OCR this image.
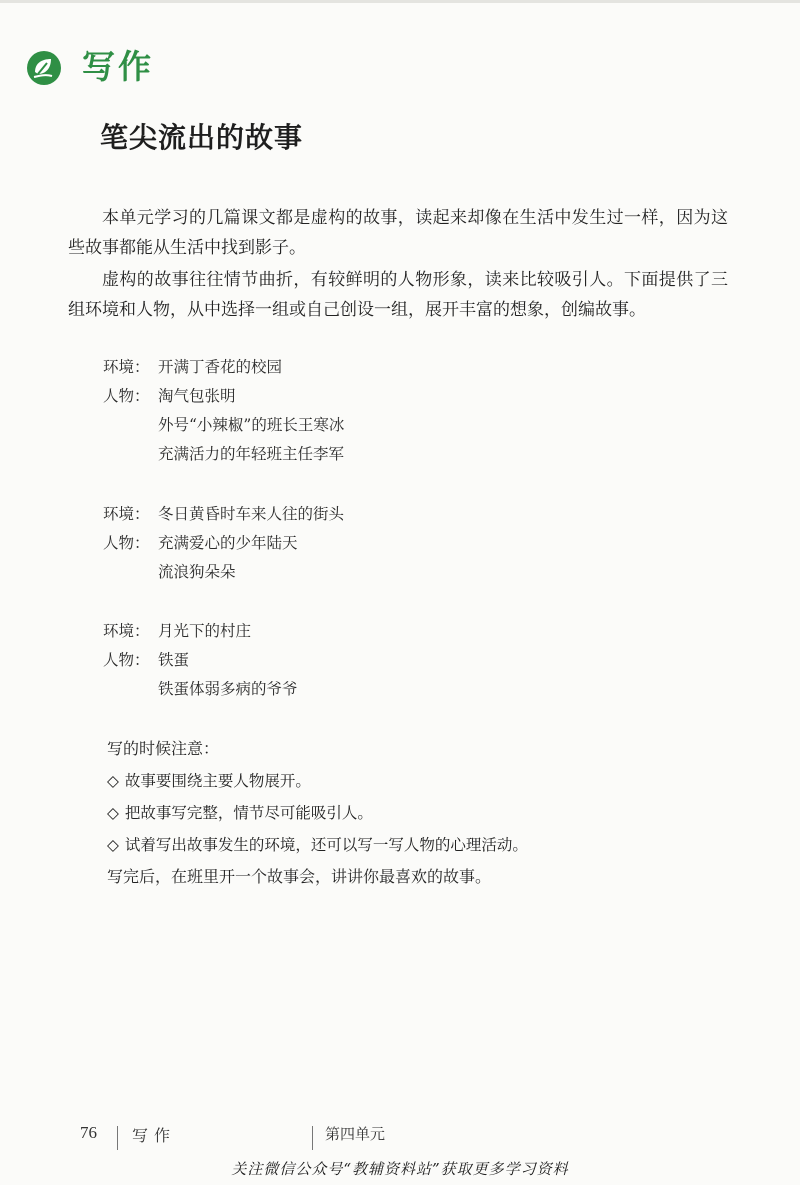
写作
笔尖流出的故事

本单元学习的几篇课文都是虚构的故事，读起来却像在生活中发生过一样，因为这些故事都能从生活中找到影子。

虚构的故事往往情节曲折，有较鲜明的人物形象，读来比较吸引人。下面提供了三组环境和人物，从中选择一组或自己创设一组，展开丰富的想象，创编故事。

环境： 开满丁香花的校园
人物： 淘气包张明
外号“小辣椒”的班长王寒冰
充满活力的年轻班主任李军
环境： 冬日黄昏时车来人往的街头
人物： 充满爱心的少年陆天
流浪狗朵朵
环境： 月光下的村庄
人物： 铁蛋
铁蛋体弱多病的爷爷
写的时候注意：
◇ 故事要围绕主要人物展开。
◇ 把故事写完整，情节尽可能吸引人。
◇ 试着写出故事发生的环境，还可以写一写人物的心理活动。
写完后，在班里开一个故事会，讲讲你最喜欢的故事。
76 写作	第四单元
关注微信公众号“教辅资料站”获取更多学习资料
